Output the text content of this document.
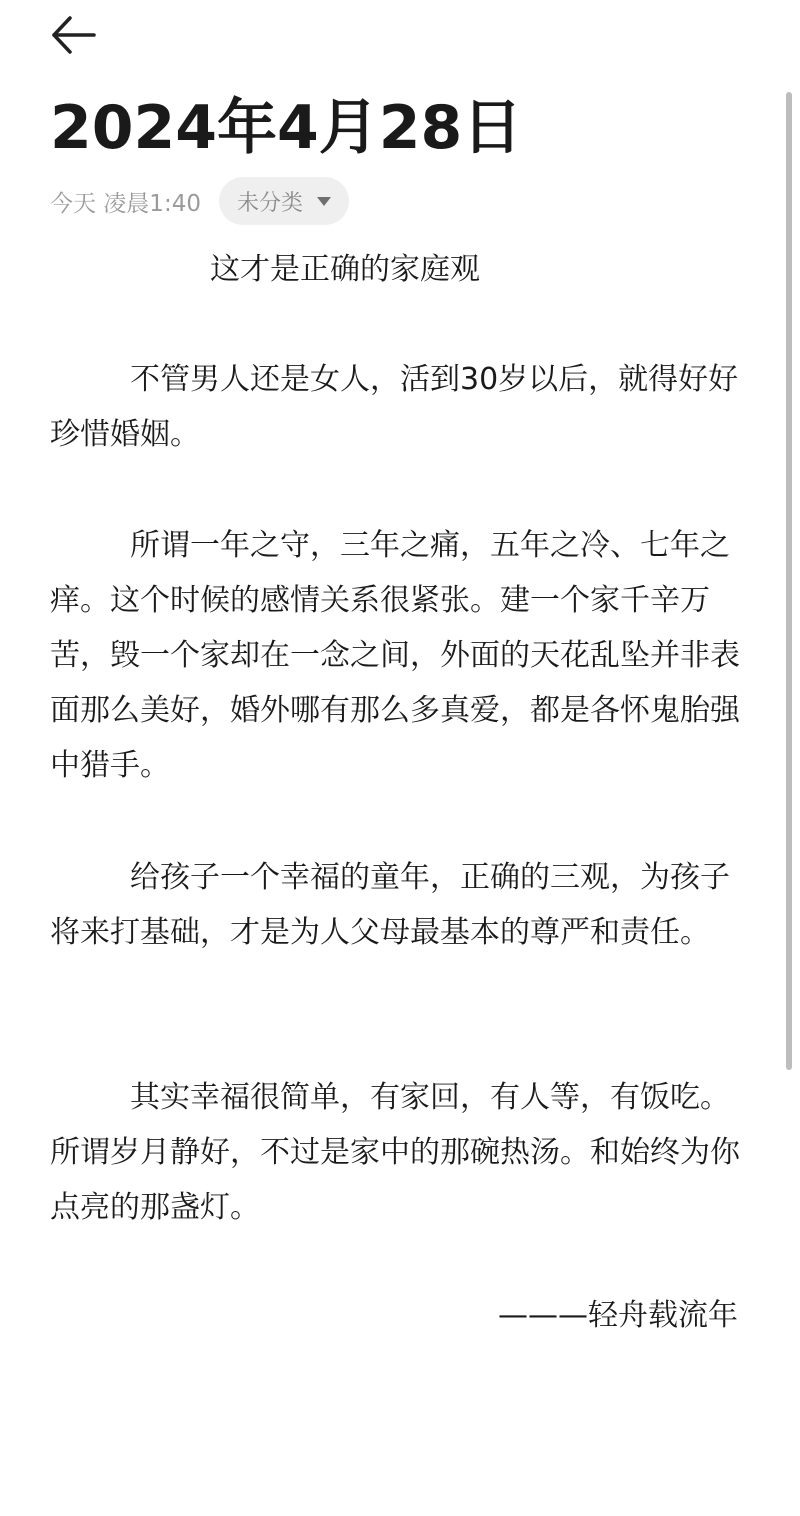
2024年4月28日
今天 凌晨1:40 未分类
这才是正确的家庭观

不管男人还是女人，活到30岁以后，就得好好珍惜婚姻。

所谓一年之守，三年之痛，五年之冷、七年之痒。这个时候的感情关系很紧张。建一个家千辛万苦，毁一个家却在一念之间，外面的天花乱坠并非表面那么美好，婚外哪有那么多真爱，都是各怀鬼胎强中猎手。

给孩子一个幸福的童年，正确的三观，为孩子将来打基础，才是为人父母最基本的尊严和责任。

其实幸福很简单，有家回，有人等，有饭吃。所谓岁月静好，不过是家中的那碗热汤。和始终为你点亮的那盏灯。

———轻舟载流年
